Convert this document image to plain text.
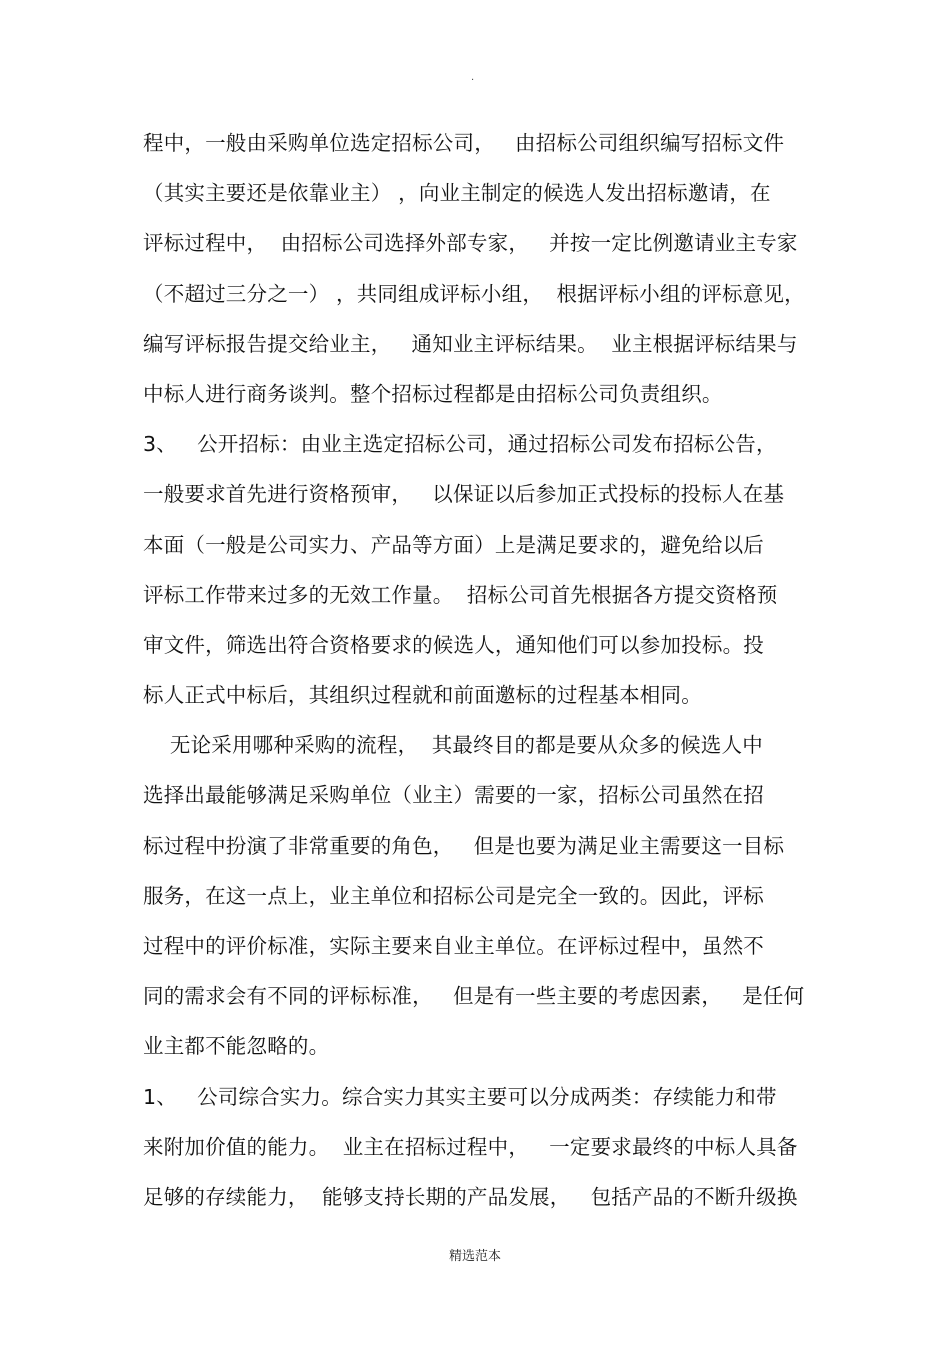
.
程中，一般由采购单位选定招标公司，   由招标公司组织编写招标文件
（其实主要还是依靠业主） ，向业主制定的候选人发出招标邀请，在
评标过程中，  由招标公司选择外部专家，   并按一定比例邀请业主专家
（不超过三分之一） ，共同组成评标小组，  根据评标小组的评标意见，
编写评标报告提交给业主，   通知业主评标结果。  业主根据评标结果与
中标人进行商务谈判。整个招标过程都是由招标公司负责组织。
3、   公开招标：由业主选定招标公司，通过招标公司发布招标公告，
一般要求首先进行资格预审，   以保证以后参加正式投标的投标人在基
本面（一般是公司实力、产品等方面）上是满足要求的，避免给以后
评标工作带来过多的无效工作量。  招标公司首先根据各方提交资格预
审文件，筛选出符合资格要求的候选人，通知他们可以参加投标。投
标人正式中标后，其组织过程就和前面邀标的过程基本相同。
无论采用哪种采购的流程，  其最终目的都是要从众多的候选人中
选择出最能够满足采购单位（业主）需要的一家，招标公司虽然在招
标过程中扮演了非常重要的角色，   但是也要为满足业主需要这一目标
服务，在这一点上，业主单位和招标公司是完全一致的。因此，评标
过程中的评价标准，实际主要来自业主单位。在评标过程中，虽然不
同的需求会有不同的评标标准，   但是有一些主要的考虑因素，   是任何
业主都不能忽略的。
1、   公司综合实力。综合实力其实主要可以分成两类：存续能力和带
来附加价值的能力。  业主在招标过程中，   一定要求最终的中标人具备
足够的存续能力，  能够支持长期的产品发展，   包括产品的不断升级换
精选范本
